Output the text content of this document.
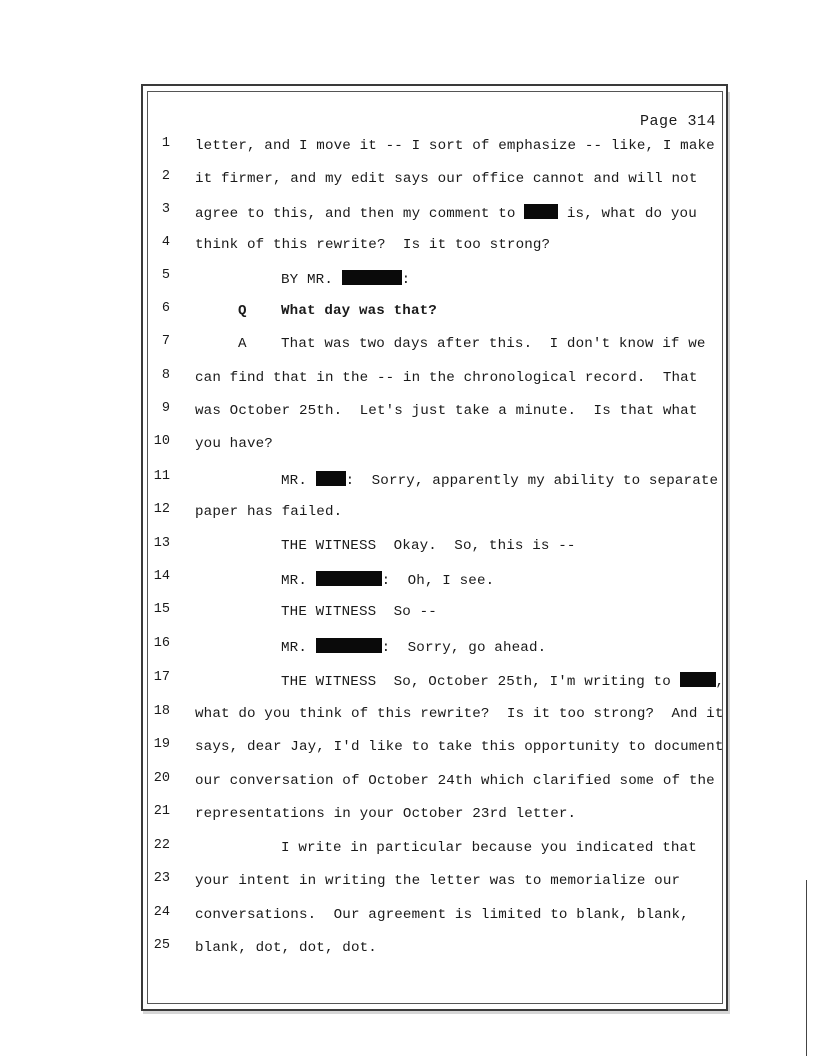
Page 314
1 letter, and I move it -- I sort of emphasize -- like, I make
2 it firmer, and my edit says our office cannot and will not
3 agree to this, and then my comment to  is, what do you
4 think of this rewrite?  Is it too strong?
5	BY MR.	:
6	Q What day was that?
7	A That was two days after this.  I don't know if we
8 can find that in the -- in the chronological record.  That
9 was October 25th.  Let's just take a minute.  Is that what
10 you have?
11	MR. :  Sorry, apparently my ability to separate
12 paper has failed.
13	THE WITNESS  Okay.  So, this is --
14	MR.	:  Oh, I see.
15	THE WITNESS  So --
16	MR.	:  Sorry, go ahead.
17	THE WITNESS  So, October 25th, I'm writing to	,
18 what do you think of this rewrite?  Is it too strong?  And it
19 says, dear Jay, I'd like to take this opportunity to document
20 our conversation of October 24th which clarified some of the
21 representations in your October 23rd letter.
22	I write in particular because you indicated that
23 your intent in writing the letter was to memorialize our
24 conversations.  Our agreement is limited to blank, blank,
25 blank, dot, dot, dot.
